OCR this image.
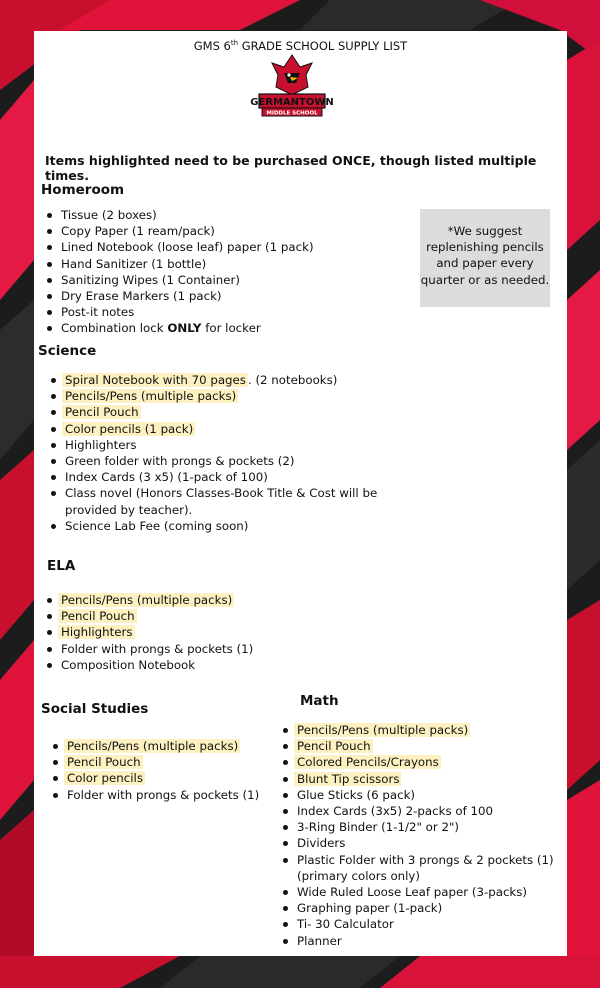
GMS 6th GRADE SCHOOL SUPPLY LIST
GERMANTOWN
MIDDLE SCHOOL
Items highlighted need to be purchased ONCE, though listed multiple times.
Homeroom
Tissue (2 boxes)
Copy Paper (1 ream/pack)
Lined Notebook (loose leaf) paper (1 pack)
Hand Sanitizer (1 bottle)
Sanitizing Wipes (1 Container)
Dry Erase Markers (1 pack)
Post-it notes
Combination lock ONLY for locker
*We suggest
replenishing pencils
and paper every
quarter or as needed.
Science
Spiral Notebook with 70 pages . (2 notebooks)
Pencils/Pens (multiple packs)
Pencil Pouch
Color pencils (1 pack)
Highlighters
Green folder with prongs & pockets (2)
Index Cards (3 x5) (1-pack of 100)
Class novel (Honors Classes-Book Title & Cost will be
provided by teacher).
Science Lab Fee (coming soon)
ELA
Pencils/Pens (multiple packs)
Pencil Pouch
Highlighters
Folder with prongs & pockets (1)
Composition Notebook
Social Studies
Pencils/Pens (multiple packs)
Pencil Pouch
Color pencils
Folder with prongs & pockets (1)
Math
Pencils/Pens (multiple packs)
Pencil Pouch
Colored Pencils/Crayons
Blunt Tip scissors
Glue Sticks (6 pack)
Index Cards (3x5) 2-packs of 100
3-Ring Binder (1-1/2" or 2")
Dividers
Plastic Folder with 3 prongs & 2 pockets (1)
(primary colors only)
Wide Ruled Loose Leaf paper (3-packs)
Graphing paper (1-pack)
Ti- 30 Calculator
Planner
